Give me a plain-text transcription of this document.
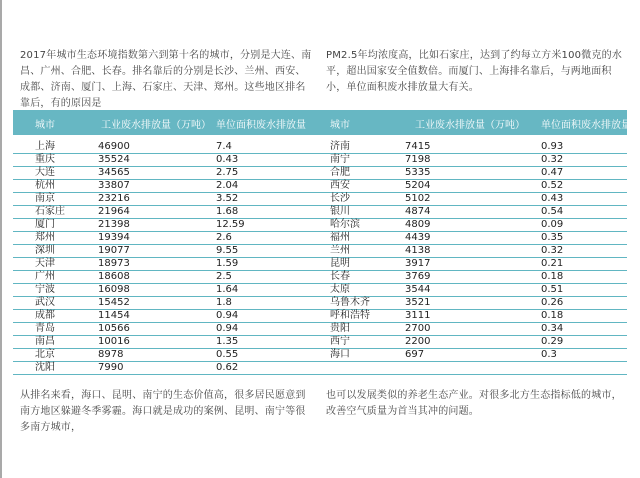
2017年城市生态环境指数第六到第十名的城市，分别是大连、南昌、广州、合肥、长春。排名靠后的分别是长沙、兰州、西安、成都、济南、厦门、上海、石家庄、天津、郑州。这些地区排名靠后，有的原因是
PM2.5年均浓度高，比如石家庄，达到了约每立方米100微克的水平，超出国家安全值数倍。而厦门、上海排名靠后，与两地面积小，单位面积废水排放量大有关。
城市	工业废水排放量（万吨） 单位面积废水排放量 城市	工业废水排放量（万吨） 单位面积废水排放量
上海	46900	7.4	济南	7415	0.93
重庆	35524	0.43	南宁	7198	0.32
大连	34565	2.75	合肥	5335	0.47
杭州	33807	2.04	西安	5204	0.52
南京	23216	3.52	长沙	5102	0.43
石家庄	21964	1.68	银川	4874	0.54
厦门	21398	12.59	哈尔滨	4809	0.09
郑州	19394	2.6	福州	4439	0.35
深圳	19077	9.55	兰州	4138	0.32
天津	18973	1.59	昆明	3917	0.21
广州	18608	2.5	长春	3769	0.18
宁波	16098	1.64	太原	3544	0.51
武汉	15452	1.8	乌鲁木齐	3521	0.26
成都	11454	0.94	呼和浩特	3111	0.18
青岛	10566	0.94	贵阳	2700	0.34
南昌	10016	1.35	西宁	2200	0.29
北京	8978	0.55	海口	697	0.3
沈阳	7990	0.62
从排名来看，海口、昆明、南宁的生态价值高，很多居民愿意到南方地区躲避冬季雾霾。海口就是成功的案例、昆明、南宁等很多南方城市，
也可以发展类似的养老生态产业。对很多北方生态指标低的城市，改善空气质量为首当其冲的问题。
